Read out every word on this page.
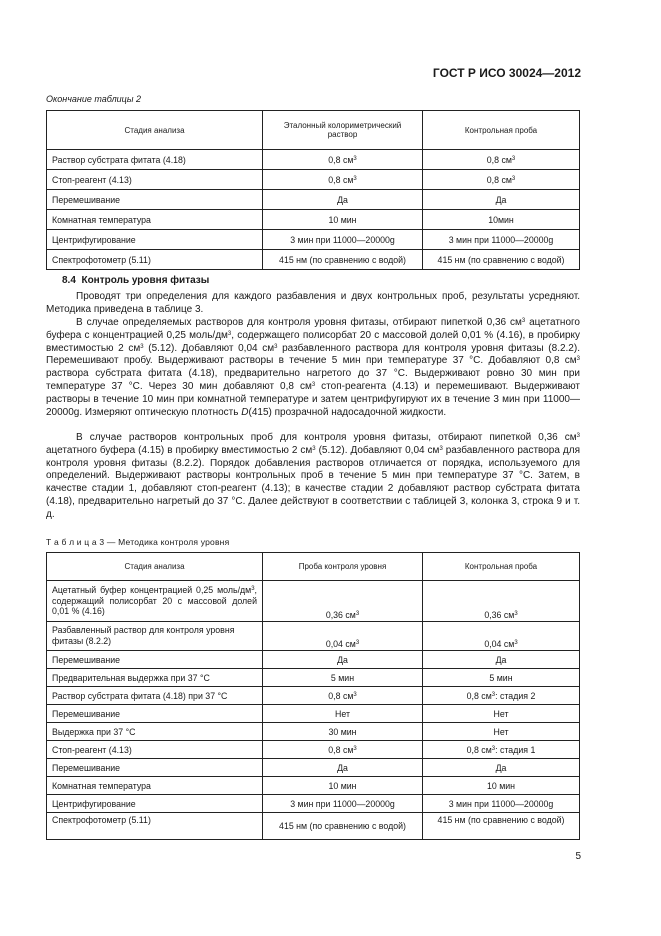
ГОСТ Р ИСО 30024—2012
Окончание таблицы 2
Стадия анализа	Эталонный колориметрический раствор	Контрольная проба
Раствор субстрата фитата (4.18)	0,8 $см^3$	0,8 $см^3$
Стоп-реагент (4.13)	0,8 $см^3$	0,8 $см^3$
Перемешивание	Да	Да
Комнатная температура	10 мин	10мин
Центрифугирование	3 мин при 11000—20000g	3 мин при 11000—20000g
Спектрофотометр (5.11)	415 нм (по сравнению с водой)	415 нм (по сравнению с водой)
8.4 Контроль уровня фитазы

Проводят три определения для каждого разбавления и двух контрольных проб, результаты усредняют. Методика приведена в таблице 3.

В случае определяемых растворов для контроля уровня фитазы, отбирают пипеткой 0,36 $см^3$ ацетатного буфера с концентрацией 0,25 моль/$дм^3$, содержащего полисорбат 20 с массовой долей 0,01 % (4.16), в пробирку вместимостью 2 $см^3$ (5.12). Добавляют 0,04 $см^3$ разбавленного раствора для контроля уровня фитазы (8.2.2). Перемешивают пробу. Выдерживают растворы в течение 5 мин при температуре 37 °С. Добавляют 0,8 $см^3$ раствора субстрата фитата (4.18), предварительно нагретого до 37 °С. Выдерживают ровно 30 мин при температуре 37 °С. Через 30 мин добавляют 0,8 $см^3$ стоп-реагента (4.13) и перемешивают. Выдерживают растворы в течение 10 мин при комнатной температуре и затем центрифугируют их в течение 3 мин при 11000—20000g. Измеряют оптическую плотность D(415) прозрачной надосадочной жидкости.

В случае растворов контрольных проб для контроля уровня фитазы, отбирают пипеткой 0,36 $см^3$ ацетатного буфера (4.15) в пробирку вместимостью 2 $см^3$ (5.12). Добавляют 0,04 $см^3$ разбавленного раствора для контроля уровня фитазы (8.2.2). Порядок добавления растворов отличается от порядка, используемого для определений. Выдерживают растворы контрольных проб в течение 5 мин при температуре 37 °С. Затем, в качестве стадии 1, добавляют стоп-реагент (4.13); в качестве стадии 2 добавляют раствор субстрата фитата (4.18), предварительно нагретый до 37 °С. Далее действуют в соответствии с таблицей 3, колонка 3, строка 9 и т. д.

Т а б л и ц а 3 — Методика контроля уровня
Стадия анализа	Проба контроля уровня	Контрольная проба
Ацетатный буфер концентрацией 0,25 моль/$дм^3$, содержащий полисорбат 20 с массовой долей 0,01 % (4.16)	0,36 $см^3$	0,36 $см^3$
Разбавленный раствор для контроля уровня фитазы (8.2.2)	0,04 $см^3$	0,04 $см^3$
Перемешивание	Да	Да
Предварительная выдержка при 37 °С	5 мин	5 мин
Раствор субстрата фитата (4.18) при 37 °С	0,8 $см^3$	0,8 $см^3$: стадия 2
Перемешивание	Нет	Нет
Выдержка при 37 °С	30 мин	Нет
Стоп-реагент (4.13)	0,8 $см^3$	0,8 $см^3$: стадия 1
Перемешивание	Да	Да
Комнатная температура	10 мин	10 мин
Центрифугирование	3 мин при 11000—20000g	3 мин при 11000—20000g
Спектрофотометр (5.11)	415 нм (по сравнению с водой)	415 нм (по сравнению с водой)
5
